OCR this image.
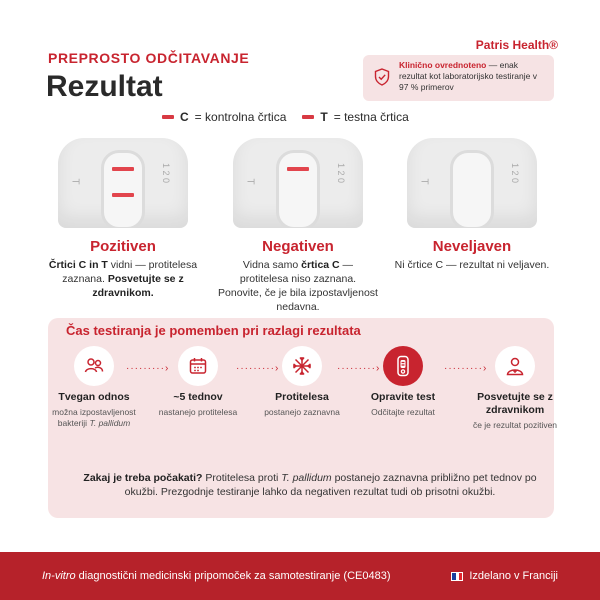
PREPROSTO ODČITAVANJE
Rezultat
Patris Health®
Klinično ovrednoteno — enak rezultat kot laboratorijsko testiranje v 97 % primerov
C = kontrolna črtica	T = testna črtica
T	1 2 0
Pozitiven
Črtici C in T vidni — protitelesa zaznana. Posvetujte se z zdravnikom.
T	1 2 0
Negativen
Vidna samo črtica C — protitelesa niso zaznana. Ponovite, če je bila izpostavljenost nedavna.
T	1 2 0
Neveljaven
Ni črtice C — rezultat ni veljaven.
Čas testiranja je pomemben pri razlagi rezultata
Tvegan odnos
možna izpostavljenost bakteriji T. pallidum
·········›
~5 tednov
nastanejo protitelesa
·········›
Protitelesa
postanejo zaznavna
·········›
Opravite test
Odčitajte rezultat
·········›
Posvetujte se z zdravnikom
če je rezultat pozitiven
Zakaj je treba počakati? Protitelesa proti T. pallidum postanejo zaznavna približno pet tednov po okužbi. Prezgodnje testiranje lahko da negativen rezultat tudi ob prisotni okužbi.
In-vitro diagnostični medicinski pripomoček za samotestiranje (CE0483)	Izdelano v Franciji
